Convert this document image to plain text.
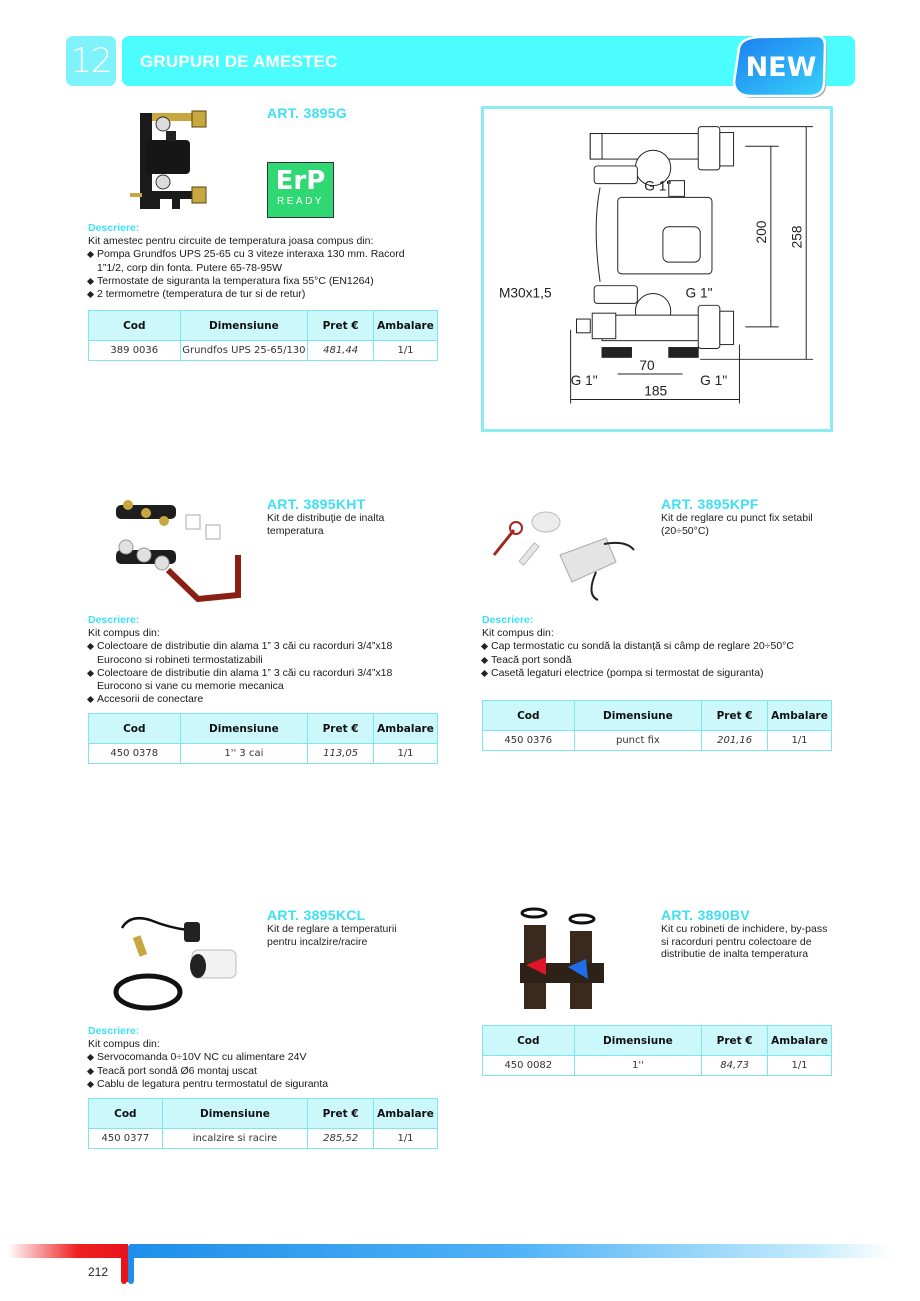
12 GRUPURI DE AMESTEC	NEW
ART. 3895G
ErP
READY
Descriere:
Kit amestec pentru circuite de temperatura joasa compus din:
Pompa Grundfos UPS 25-65 cu 3 viteze interaxa 130 mm. Racord 1”1/2, corp din fonta. Putere 65-78-95W
Termostate de siguranta la temperatura fixa 55°C (EN1264)
2 termometre (temperatura de tur si de retur)
Cod	Dimensiune	Pret €	Ambalare
389 0036	Grundfos UPS 25-65/130	481,44	1/1
G 1"
200 258
M30x1,5	G 1"
G 1"	G 1"
70
185
ART. 3895KHT
Kit de distribuţie de inalta temperatura
Descriere:
Kit compus din:
Colectoare de distributie din alama 1” 3 căi cu racorduri 3/4”x18 Eurocono si robineti termostatizabili
Colectoare de distributie din alama 1” 3 căi cu racorduri 3/4”x18 Eurocono si vane cu memorie mecanica
Accesorii de conectare
Cod	Dimensiune	Pret €	Ambalare
450 0378	1'' 3 cai	113,05	1/1
ART. 3895KPF
Kit de reglare cu punct fix setabil (20÷50°C)
Descriere:
Kit compus din:
Cap termostatic cu sondă la distanță si câmp de reglare 20÷50°C
Teacă port sondă
Casetă legaturi electrice (pompa si termostat de siguranta)
Cod	Dimensiune	Pret €	Ambalare
450 0376	punct fix	201,16	1/1
ART. 3895KCL
Kit de reglare a temperaturii pentru incalzire/racire
Descriere:
Kit compus din:
Servocomanda 0÷10V NC cu alimentare 24V
Teacă port sondă Ø6 montaj uscat
Cablu de legatura pentru termostatul de siguranta
Cod	Dimensiune	Pret €	Ambalare
450 0377	incalzire si racire	285,52	1/1
ART. 3890BV
Kit cu robineti de inchidere, by-pass si racorduri pentru colectoare de distributie de inalta temperatura
Cod	Dimensiune	Pret €	Ambalare
450 0082	1''	84,73	1/1
212
